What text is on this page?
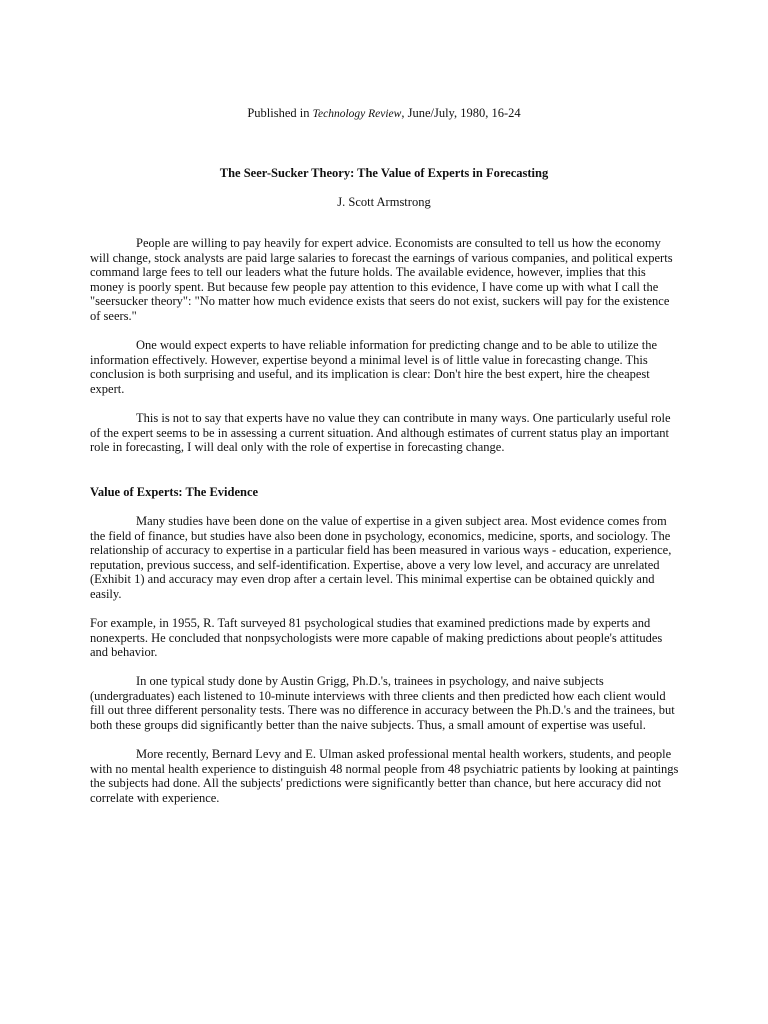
Published in Technology Review, June/July, 1980, 16-24
The Seer-Sucker Theory: The Value of Experts in Forecasting
J. Scott Armstrong

People are willing to pay heavily for expert advice. Economists are consulted to tell us how the economy will change, stock analysts are paid large salaries to forecast the earnings of various companies, and political experts command large fees to tell our leaders what the future holds. The available evidence, however, implies that this money is poorly spent. But because few people pay attention to this evidence, I have come up with what I call the "seersucker theory": "No matter how much evidence exists that seers do not exist, suckers will pay for the existence of seers."

One would expect experts to have reliable information for predicting change and to be able to utilize the information effectively. However, expertise beyond a minimal level is of little value in forecasting change. This conclusion is both surprising and useful, and its implication is clear: Don't hire the best expert, hire the cheapest expert.

This is not to say that experts have no value they can contribute in many ways. One particularly useful role of the expert seems to be in assessing a current situation. And although estimates of current status play an important role in forecasting, I will deal only with the role of expertise in forecasting change.

Value of Experts: The Evidence

Many studies have been done on the value of expertise in a given subject area. Most evidence comes from the field of finance, but studies have also been done in psychology, economics, medicine, sports, and sociology. The relationship of accuracy to expertise in a particular field has been measured in various ways - education, experience, reputation, previous success, and self-identification. Expertise, above a very low level, and accuracy are unrelated (Exhibit 1) and accuracy may even drop after a certain level. This minimal expertise can be obtained quickly and easily.

For example, in 1955, R. Taft surveyed 81 psychological studies that examined predictions made by experts and nonexperts. He concluded that nonpsychologists were more capable of making predictions about people's attitudes and behavior.

In one typical study done by Austin Grigg, Ph.D.'s, trainees in psychology, and naive subjects (undergraduates) each listened to 10-minute interviews with three clients and then predicted how each client would fill out three different personality tests. There was no difference in accuracy between the Ph.D.'s and the trainees, but both these groups did significantly better than the naive subjects. Thus, a small amount of expertise was useful.

More recently, Bernard Levy and E. Ulman asked professional mental health workers, students, and people with no mental health experience to distinguish 48 normal people from 48 psychiatric patients by looking at paintings the subjects had done. All the subjects' predictions were significantly better than chance, but here accuracy did not correlate with experience.
